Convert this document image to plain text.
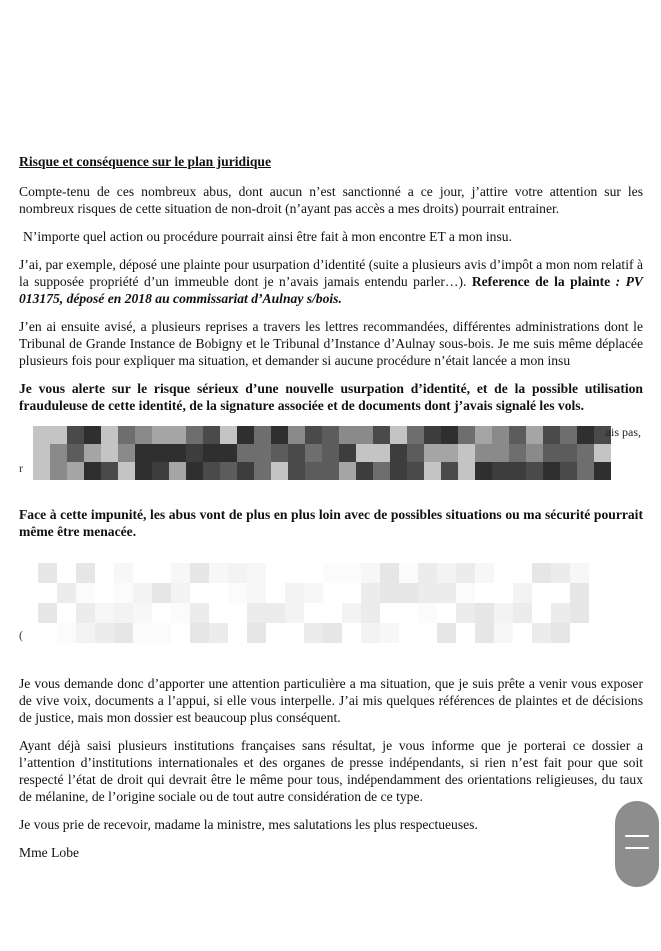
Risque et conséquence sur le plan juridique

Compte-tenu de ces nombreux abus, dont aucun n’est sanctionné a ce jour, j’attire votre attention sur les nombreux risques de cette situation de non-droit (n’ayant pas accès a mes droits) pourrait entrainer.

N’importe quel action ou procédure pourrait ainsi être fait à mon encontre ET a mon insu.

J’ai, par exemple, déposé une plainte pour usurpation d’identité (suite a plusieurs avis d’impôt a mon nom relatif à la supposée propriété d’un immeuble dont je n’avais jamais entendu parler…). Reference de la plainte : PV 013175, déposé en 2018 au commissariat d’Aulnay s/bois.

J’en ai ensuite avisé, a plusieurs reprises a travers les lettres recommandées, différentes administrations dont le Tribunal de Grande Instance de Bobigny et le Tribunal d’Instance d’Aulnay sous-bois. Je me suis même déplacée plusieurs fois pour expliquer ma situation, et demander si aucune procédure n’était lancée a mon insu

Je vous alerte sur le risque sérieux d’une nouvelle usurpation d’identité, et de la possible utilisation frauduleuse de cette identité, de la signature associée et de documents dont j’avais signalé les vols.

ais pas,
r

Face à cette impunité, les abus vont de plus en plus loin avec de possibles situations ou ma sécurité pourrait même être menacée.

(

Je vous demande donc d’apporter une attention particulière a ma situation, que je suis prête a venir vous exposer de vive voix, documents a l’appui, si elle vous interpelle. J’ai mis quelques références de plaintes et de décisions de justice, mais mon dossier est beaucoup plus conséquent.

Ayant déjà saisi plusieurs institutions françaises sans résultat, je vous informe que je porterai ce dossier a l’attention d’institutions internationales et des organes de presse indépendants, si rien n’est fait pour que soit respecté l’état de droit qui devrait être le même pour tous, indépendamment des orientations religieuses, du taux de mélanine, de l’origine sociale ou de tout autre considération de ce type.

Je vous prie de recevoir, madame la ministre, mes salutations les plus respectueuses.

Mme Lobe
